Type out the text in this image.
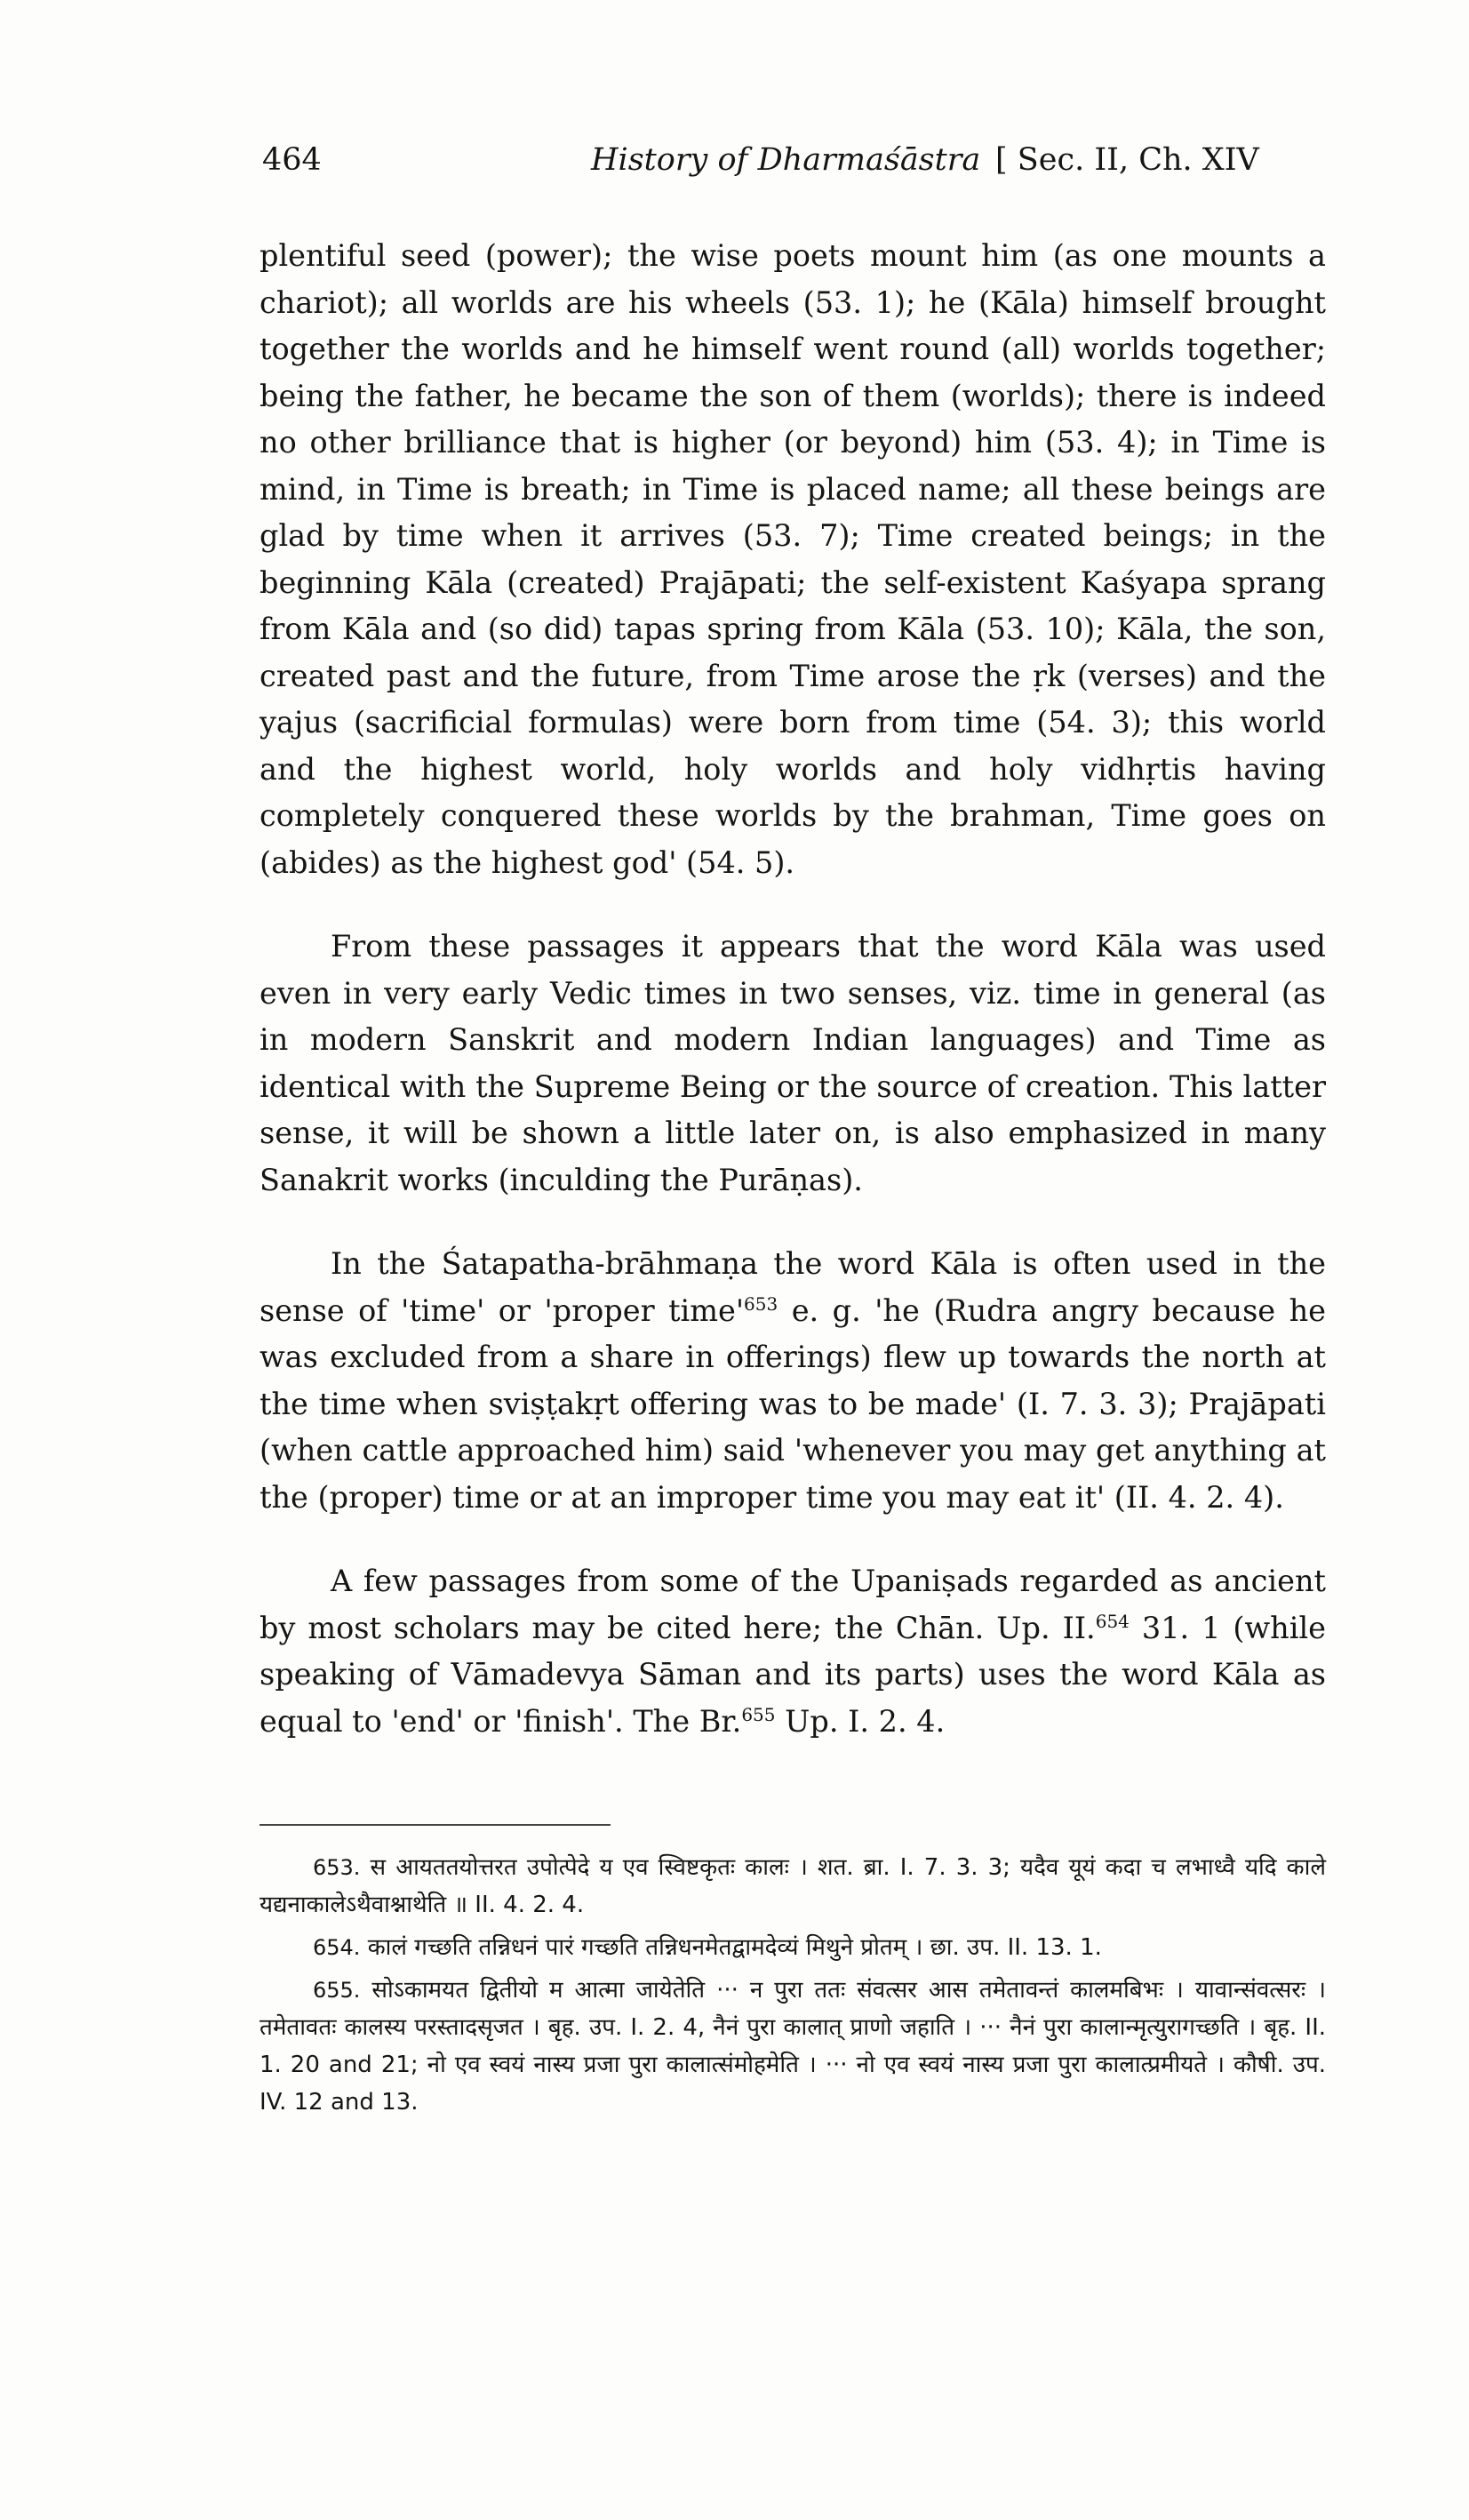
464	History of Dharmaśāstra [ Sec. II, Ch. XIV

plentiful seed (power); the wise poets mount him (as one mounts a chariot); all worlds are his wheels (53. 1); he (Kāla) himself brought together the worlds and he himself went round (all) worlds together; being the father, he became the son of them (worlds); there is indeed no other brilliance that is higher (or beyond) him (53. 4); in Time is mind, in Time is breath; in Time is placed name; all these beings are glad by time when it arrives (53. 7); Time created beings; in the beginning Kāla (created) Prajāpati; the self-existent Kaśyapa sprang from Kāla and (so did) tapas spring from Kāla (53. 10); Kāla, the son, created past and the future, from Time arose the ṛk (verses) and the yajus (sacrificial formulas) were born from time (54. 3); this world and the highest world, holy worlds and holy vidhṛtis having completely conquered these worlds by the brahman, Time goes on (abides) as the highest god' (54. 5).

From these passages it appears that the word Kāla was used even in very early Vedic times in two senses, viz. time in general (as in modern Sanskrit and modern Indian languages) and Time as identical with the Supreme Being or the source of creation. This latter sense, it will be shown a little later on, is also emphasized in many Sanakrit works (inculding the Purāṇas).

In the Śatapatha-brāhmaṇa the word Kāla is often used in the sense of 'time' or 'proper $time'^{653}$ e. g. 'he (Rudra angry because he was excluded from a share in offerings) flew up towards the north at the time when sviṣṭakṛt offering was to be made' (I. 7. 3. 3); Prajāpati (when cattle approached him) said 'whenever you may get anything at the (proper) time or at an improper time you may eat it' (II. 4. 2. 4).

A few passages from some of the Upaniṣads regarded as ancient by most scholars may be cited here; the Chān. Up. II.$^{654}$ 31. 1 (while speaking of Vāmadevya Sāman and its parts) uses the word Kāla as equal to 'end' or 'finish'. The Br.$^{655}$ Up. I. 2. 4.

653. स आयततयोत्तरत उपोत्पेदे य एव स्विष्टकृतः कालः । शत. ब्रा. I. 7. 3. 3; यदैव यूयं कदा च लभाध्वै यदि काले यद्यनाकालेऽथैवाश्नाथेति ॥ II. 4. 2. 4.

654. कालं गच्छति तन्निधनं पारं गच्छति तन्निधनमेतद्वामदेव्यं मिथुने प्रोतम् । छा. उप. II. 13. 1.

655. सोऽकामयत द्वितीयो म आत्मा जायेतेति ··· न पुरा ततः संवत्सर आस तमेतावन्तं कालमबिभः । यावान्संवत्सरः । तमेतावतः कालस्य परस्तादसृजत । बृह. उप. I. 2. 4, नैनं पुरा कालात् प्राणो जहाति । ··· नैनं पुरा कालान्मृत्युरागच्छति । बृह. II. 1. 20 and 21; नो एव स्वयं नास्य प्रजा पुरा कालात्संमोहमेति । ··· नो एव स्वयं नास्य प्रजा पुरा कालात्प्रमीयते । कौषी. उप. IV. 12 and 13.
